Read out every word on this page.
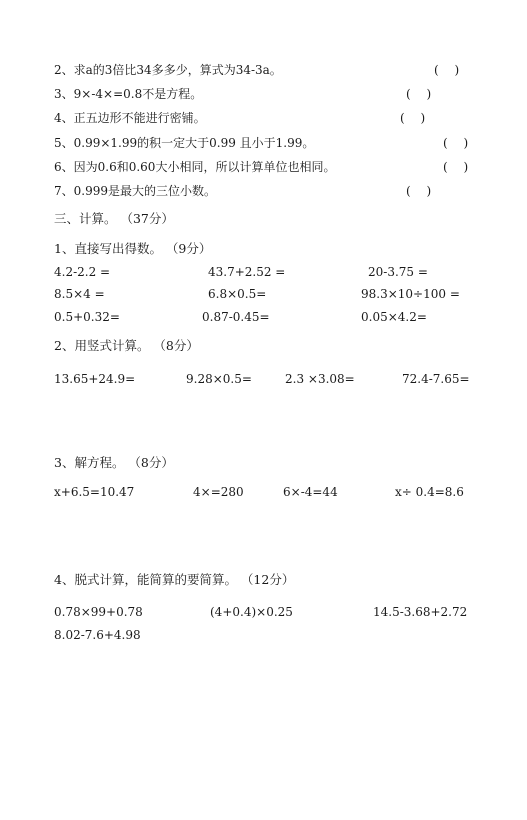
2、求a的3倍比34多多少，算式为34-3a。	(　 )
3、9×-4×=0.8不是方程。	(　 )
4、正五边形不能进行密铺。	(　 )
5、0.99×1.99的积一定大于0.99 且小于1.99。	(　 )
6、因为0.6和0.60大小相同，所以计算单位也相同。	(　 )
7、0.999是最大的三位小数。	(　 )
三、计算。 （37分）
1、直接写出得数。 （9分）
4.2-2.2 =	43.7+2.52 =	20-3.75 =
8.5×4 =	6.8×0.5=	98.3×10÷100 =
0.5+0.32=	0.87-0.45=	0.05×4.2=
2、用竖式计算。 （8分）
13.65+24.9=	9.28×0.5=	2.3 ×3.08=	72.4-7.65=
3、解方程。 （8分）
x+6.5=10.47	4×=280	6×-4=44	x÷ 0.4=8.6
4、脱式计算，能简算的要简算。 （12分）
0.78×99+0.78	(4+0.4)×0.25	14.5-3.68+2.72
8.02-7.6+4.98
